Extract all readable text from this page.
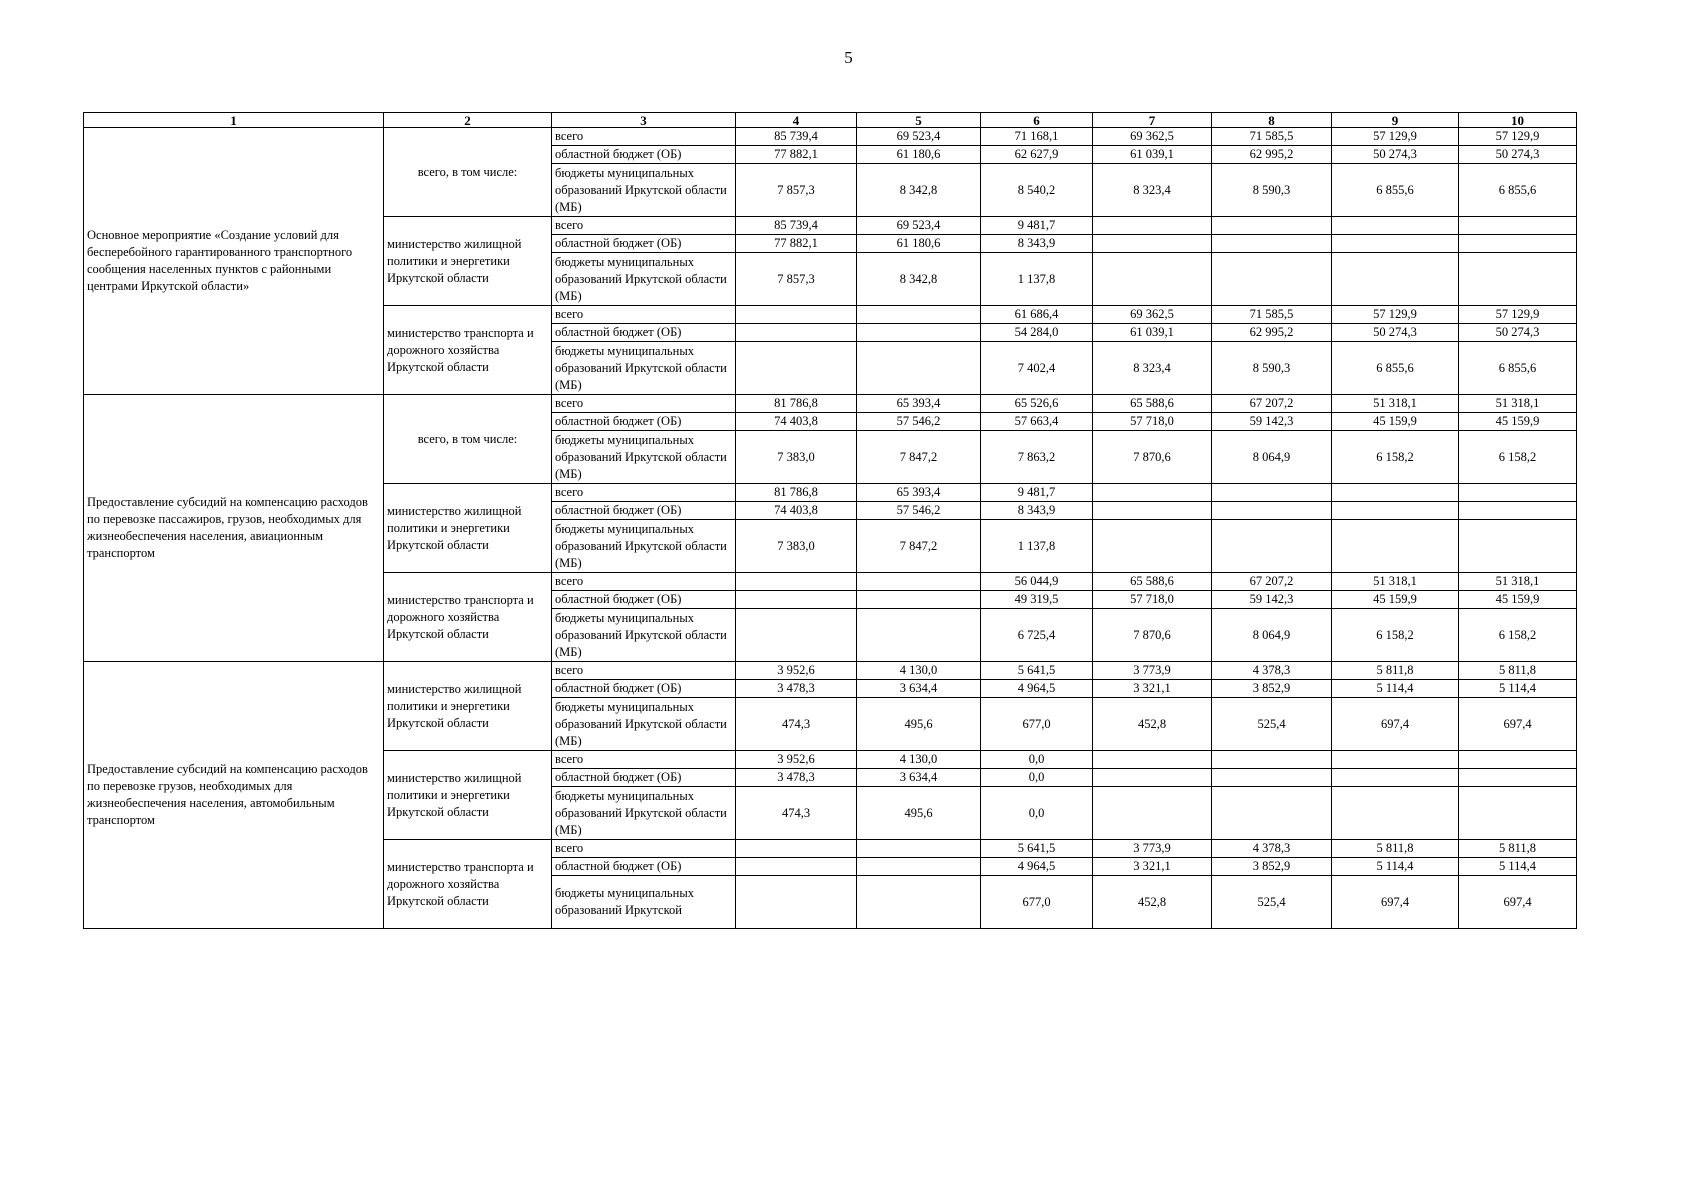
5
1	2	3	4	5	6	7	8	9	10
Основное мероприятие «Создание условий для бесперебойного гарантированного транспортного сообщения населенных пунктов с районными центрами Иркутской области»	всего, в том числе:	всего	85 739,4	69 523,4	71 168,1	69 362,5	71 585,5	57 129,9	57 129,9
		областной бюджет (ОБ)	77 882,1	61 180,6	62 627,9	61 039,1	62 995,2	50 274,3	50 274,3
		бюджеты муниципальных образований Иркутской области (МБ)	7 857,3	8 342,8	8 540,2	8 323,4	8 590,3	6 855,6	6 855,6
	министерство жилищной политики и энергетики Иркутской области	всего	85 739,4	69 523,4	9 481,7				
		областной бюджет (ОБ)	77 882,1	61 180,6	8 343,9				
		бюджеты муниципальных образований Иркутской области (МБ)	7 857,3	8 342,8	1 137,8				
	министерство транспорта и дорожного хозяйства Иркутской области	всего			61 686,4	69 362,5	71 585,5	57 129,9	57 129,9
		областной бюджет (ОБ)			54 284,0	61 039,1	62 995,2	50 274,3	50 274,3
		бюджеты муниципальных образований Иркутской области (МБ)			7 402,4	8 323,4	8 590,3	6 855,6	6 855,6
Предоставление субсидий на компенсацию расходов по перевозке пассажиров, грузов, необходимых для жизнеобеспечения населения, авиационным транспортом	всего, в том числе:	всего	81 786,8	65 393,4	65 526,6	65 588,6	67 207,2	51 318,1	51 318,1
		областной бюджет (ОБ)	74 403,8	57 546,2	57 663,4	57 718,0	59 142,3	45 159,9	45 159,9
		бюджеты муниципальных образований Иркутской области (МБ)	7 383,0	7 847,2	7 863,2	7 870,6	8 064,9	6 158,2	6 158,2
	министерство жилищной политики и энергетики Иркутской области	всего	81 786,8	65 393,4	9 481,7				
		областной бюджет (ОБ)	74 403,8	57 546,2	8 343,9				
		бюджеты муниципальных образований Иркутской области (МБ)	7 383,0	7 847,2	1 137,8				
	министерство транспорта и дорожного хозяйства Иркутской области	всего			56 044,9	65 588,6	67 207,2	51 318,1	51 318,1
		областной бюджет (ОБ)			49 319,5	57 718,0	59 142,3	45 159,9	45 159,9
		бюджеты муниципальных образований Иркутской области (МБ)			6 725,4	7 870,6	8 064,9	6 158,2	6 158,2
Предоставление субсидий на компенсацию расходов по перевозке грузов, необходимых для жизнеобеспечения населения, автомобильным транспортом	министерство жилищной политики и энергетики Иркутской области	всего	3 952,6	4 130,0	5 641,5	3 773,9	4 378,3	5 811,8	5 811,8
		областной бюджет (ОБ)	3 478,3	3 634,4	4 964,5	3 321,1	3 852,9	5 114,4	5 114,4
		бюджеты муниципальных образований Иркутской области (МБ)	474,3	495,6	677,0	452,8	525,4	697,4	697,4
	министерство жилищной политики и энергетики Иркутской области	всего	3 952,6	4 130,0	0,0				
		областной бюджет (ОБ)	3 478,3	3 634,4	0,0				
		бюджеты муниципальных образований Иркутской области (МБ)	474,3	495,6	0,0				
	министерство транспорта и дорожного хозяйства Иркутской области	всего			5 641,5	3 773,9	4 378,3	5 811,8	5 811,8
		областной бюджет (ОБ)			4 964,5	3 321,1	3 852,9	5 114,4	5 114,4
		бюджеты муниципальных образований Иркутской			677,0	452,8	525,4	697,4	697,4
